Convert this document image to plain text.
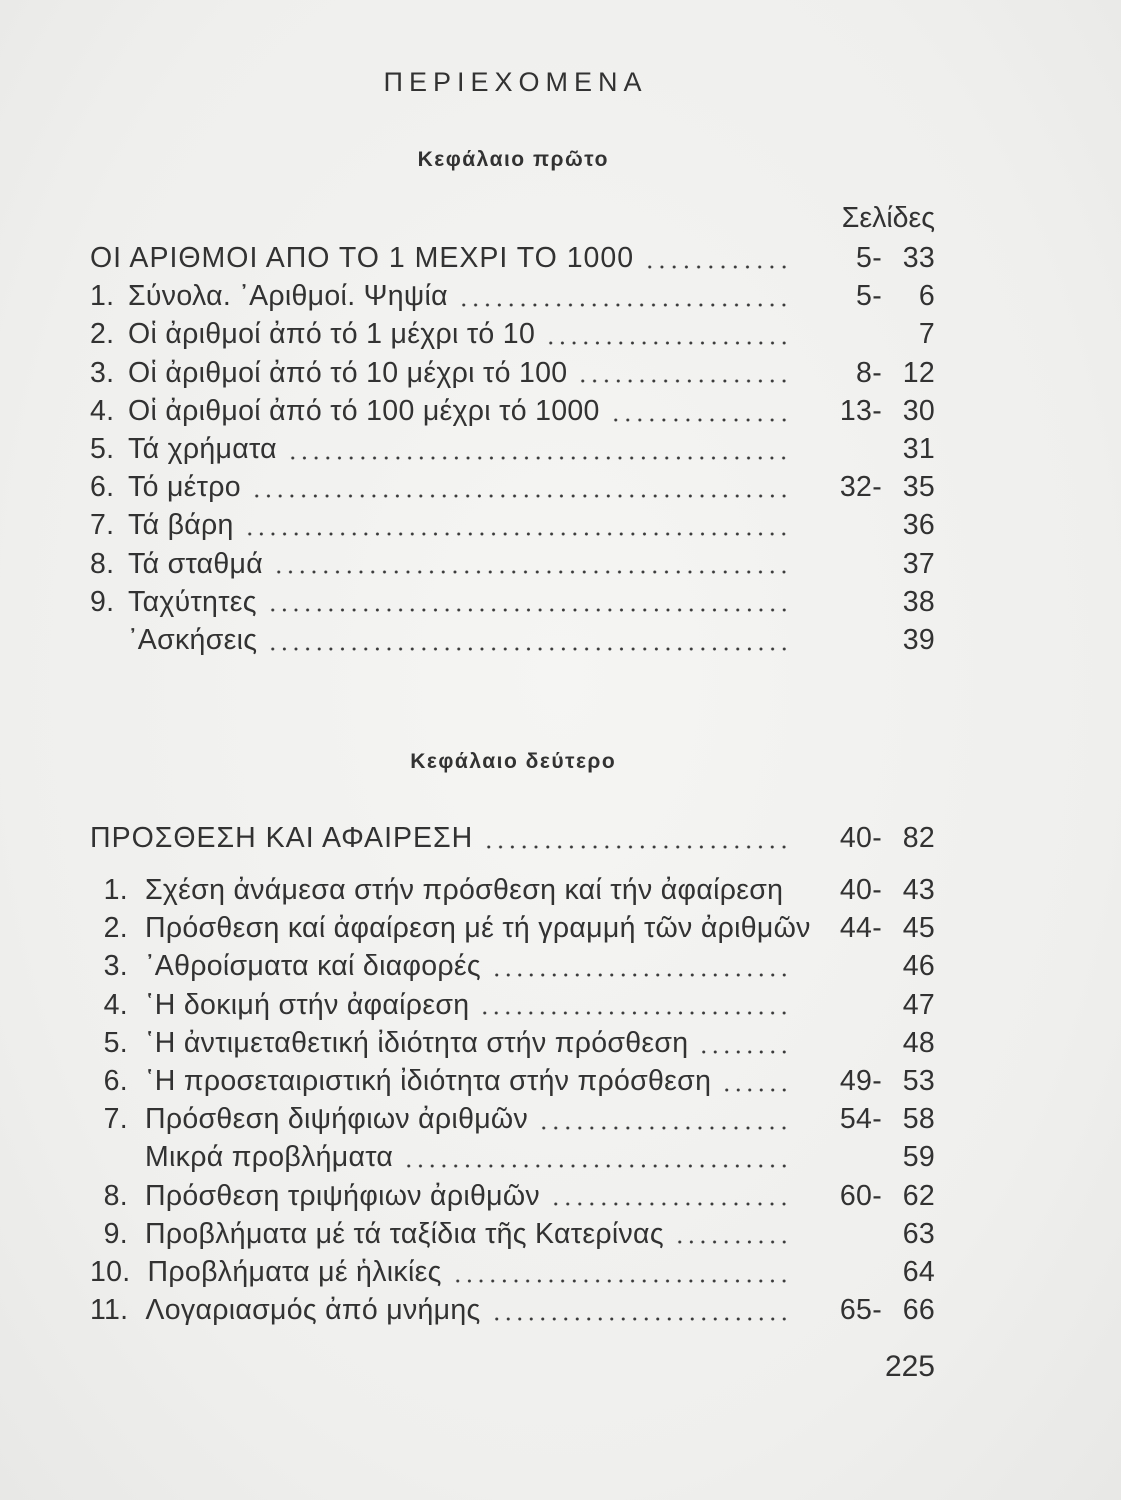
ΠΕΡΙΕΧΟΜΕΝΑ
Κεφάλαιο πρῶτο
Σελίδες
ΟΙ ΑΡΙΘΜΟΙ ΑΠΟ ΤΟ 1 ΜΕΧΡΙ ΤΟ 1000	5- 33
1. Σύνολα. ᾿Αριθμοί. Ψηψία	5- 6
2. Οἱ ἀριθμοί ἀπό τό 1 μέχρι τό 10	7
3. Οἱ ἀριθμοί ἀπό τό 10 μέχρι τό 100	8- 12
4. Οἱ ἀριθμοί ἀπό τό 100 μέχρι τό 1000	13- 30
5. Τά χρήματα	31
6. Τό μέτρο	32- 35
7. Τά βάρη	36
8. Τά σταθμά	37
9. Ταχύτητες	38
᾿Ασκήσεις	39
Κεφάλαιο δεύτερο
ΠΡΟΣΘΕΣΗ ΚΑΙ ΑΦΑΙΡΕΣΗ	40- 82
1. Σχέση ἀνάμεσα στήν πρόσθεση καί τήν ἀφαίρεση 40- 43
2. Πρόσθεση καί ἀφαίρεση μέ τή γραμμή τῶν ἀριθμῶν 44- 45
3. ᾿Αθροίσματα καί διαφορές	46
4. ῾Η δοκιμή στήν ἀφαίρεση	47
5. ῾Η ἀντιμεταθετική ἰδιότητα στήν πρόσθεση	48
6. ῾Η προσεταιριστική ἰδιότητα στήν πρόσθεση	49- 53
7. Πρόσθεση διψήφιων ἀριθμῶν	54- 58
Μικρά προβλήματα	59
8. Πρόσθεση τριψήφιων ἀριθμῶν	60- 62
9. Προβλήματα μέ τά ταξίδια τῆς Κατερίνας	63
10. Προβλήματα μέ ἡλικίες	64
11. Λογαριασμός ἀπό μνήμης	65- 66
225
